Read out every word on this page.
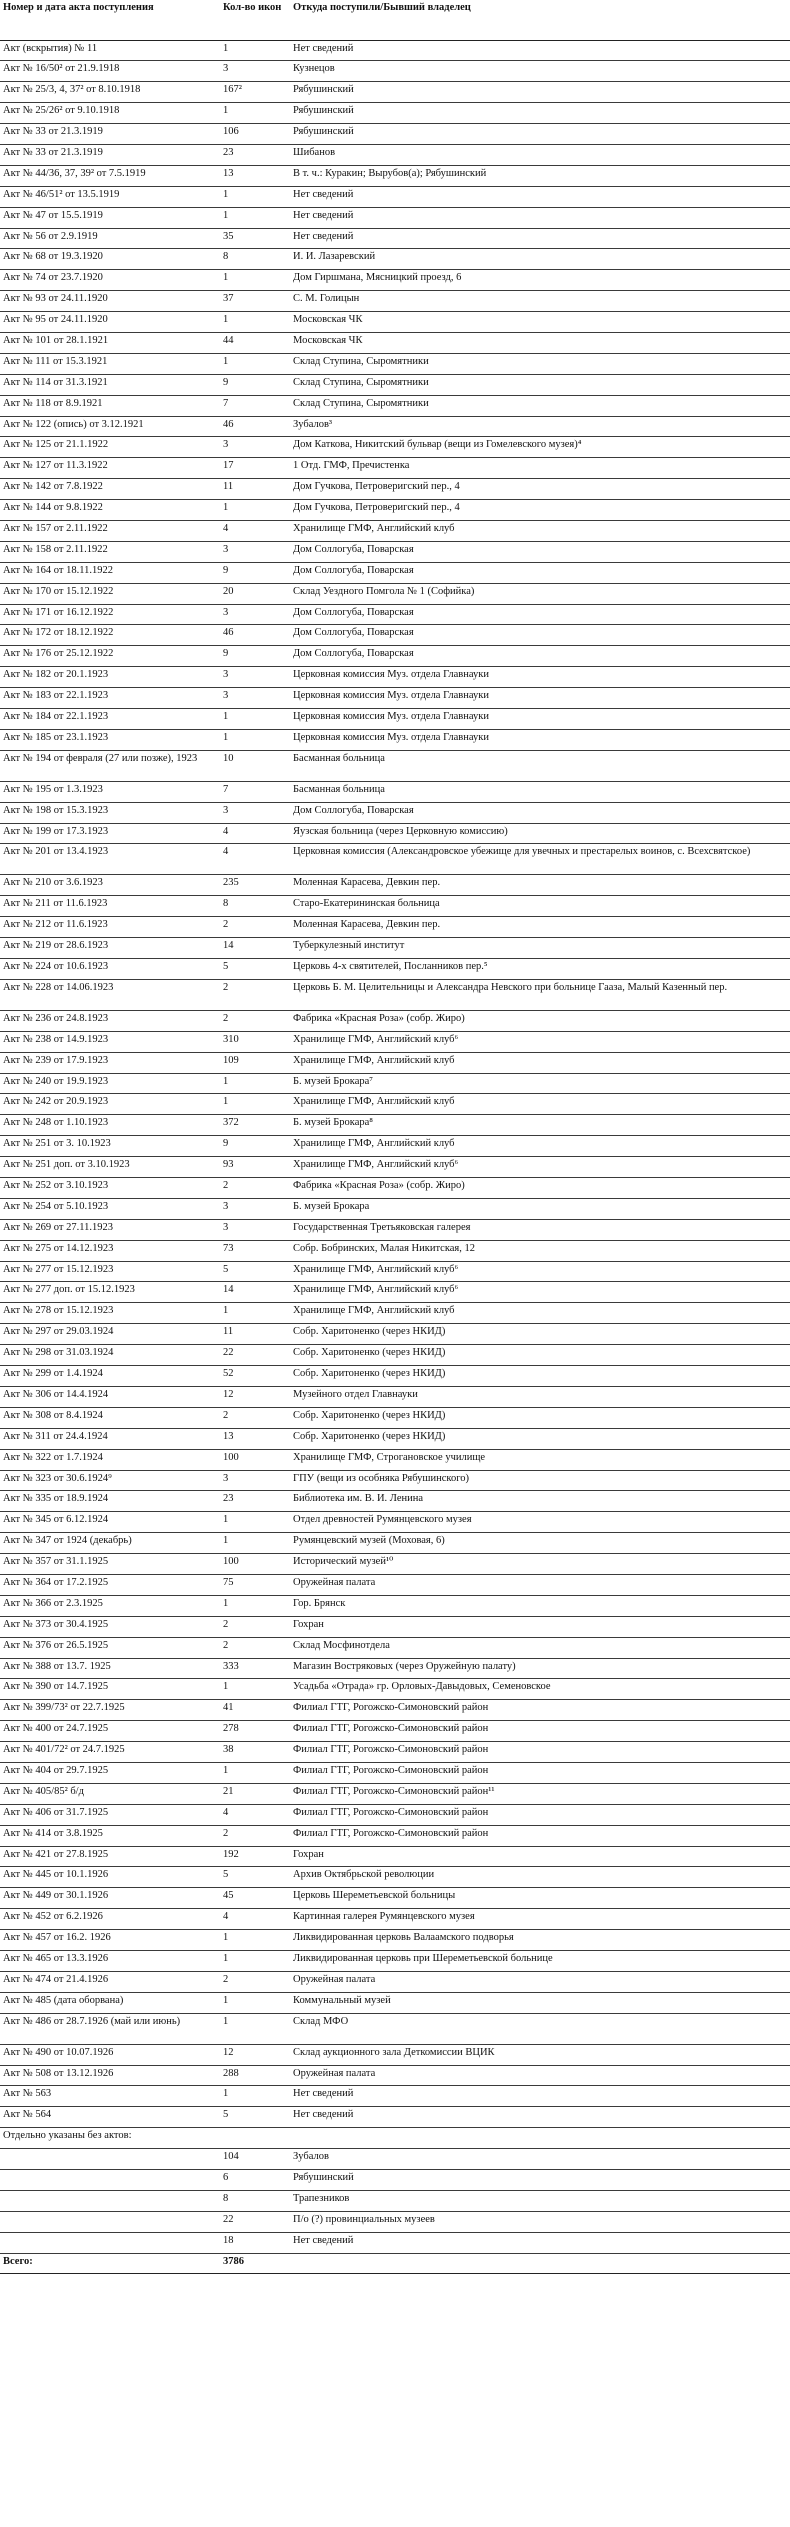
Номер и дата акта поступления	Кол-во икон	Откуда поступили/Бывший владелец
Акт (вскрытия) № 11	1	Нет сведений
Акт № 16/50² от 21.9.1918	3	Кузнецов
Акт № 25/3, 4, 37² от 8.10.1918	167²	Рябушинский
Акт № 25/26² от 9.10.1918	1	Рябушинский
Акт № 33 от 21.3.1919	106	Рябушинский
Акт № 33 от 21.3.1919	23	Шибанов
Акт № 44/36, 37, 39² от 7.5.1919	13	В т. ч.: Куракин; Вырубов(а); Рябушинский
Акт № 46/51² от 13.5.1919	1	Нет сведений
Акт № 47 от 15.5.1919	1	Нет сведений
Акт № 56 от 2.9.1919	35	Нет сведений
Акт № 68 от 19.3.1920	8	И. И. Лазаревский
Акт № 74 от 23.7.1920	1	Дом Гиршмана, Мясницкий проезд, 6
Акт № 93 от 24.11.1920	37	С. М. Голицын
Акт № 95 от 24.11.1920	1	Московская ЧК
Акт № 101 от 28.1.1921	44	Московская ЧК
Акт № 111 от 15.3.1921	1	Склад Ступина, Сыромятники
Акт № 114 от 31.3.1921	9	Склад Ступина, Сыромятники
Акт № 118 от 8.9.1921	7	Склад Ступина, Сыромятники
Акт № 122 (опись) от 3.12.1921	46	Зубалов³
Акт № 125 от 21.1.1922	3	Дом Каткова, Никитский бульвар (вещи из Гомелевского музея)⁴
Акт № 127 от 11.3.1922	17	1 Отд. ГМФ, Пречистенка
Акт № 142 от 7.8.1922	11	Дом Гучкова, Петроверигский пер., 4
Акт № 144 от 9.8.1922	1	Дом Гучкова, Петроверигский пер., 4
Акт № 157 от 2.11.1922	4	Хранилище ГМФ, Английский клуб
Акт № 158 от 2.11.1922	3	Дом Соллогуба, Поварская
Акт № 164 от 18.11.1922	9	Дом Соллогуба, Поварская
Акт № 170 от 15.12.1922	20	Склад Уездного Помгола № 1 (Софийка)
Акт № 171 от 16.12.1922	3	Дом Соллогуба, Поварская
Акт № 172 от 18.12.1922	46	Дом Соллогуба, Поварская
Акт № 176 от 25.12.1922	9	Дом Соллогуба, Поварская
Акт № 182 от 20.1.1923	3	Церковная комиссия Муз. отдела Главнауки
Акт № 183 от 22.1.1923	3	Церковная комиссия Муз. отдела Главнауки
Акт № 184 от 22.1.1923	1	Церковная комиссия Муз. отдела Главнауки
Акт № 185 от 23.1.1923	1	Церковная комиссия Муз. отдела Главнауки
Акт № 194 от февраля (27 или позже), 1923	10	Басманная больница
Акт № 195 от 1.3.1923	7	Басманная больница
Акт № 198 от 15.3.1923	3	Дом Соллогуба, Поварская
Акт № 199 от 17.3.1923	4	Яузская больница (через Церковную комиссию)
Акт № 201 от 13.4.1923	4	Церковная комиссия (Александровское убежище для увечных и престарелых воинов, с. Всехсвятское)
Акт № 210 от 3.6.1923	235	Моленная Карасева, Девкин пер.
Акт № 211 от 11.6.1923	8	Старо-Екатерининская больница
Акт № 212 от 11.6.1923	2	Моленная Карасева, Девкин пер.
Акт № 219 от 28.6.1923	14	Туберкулезный институт
Акт № 224 от 10.6.1923	5	Церковь 4-х святителей, Посланников пер.⁵
Акт № 228 от 14.06.1923	2	Церковь Б. М. Целительницы и Александра Невского при больнице Гааза, Малый Казенный пер.
Акт № 236 от 24.8.1923	2	Фабрика «Красная Роза» (собр. Жиро)
Акт № 238 от 14.9.1923	310	Хранилище ГМФ, Английский клуб⁶
Акт № 239 от 17.9.1923	109	Хранилище ГМФ, Английский клуб
Акт № 240 от 19.9.1923	1	Б. музей Брокара⁷
Акт № 242 от 20.9.1923	1	Хранилище ГМФ, Английский клуб
Акт № 248 от 1.10.1923	372	Б. музей Брокара⁸
Акт № 251 от 3. 10.1923	9	Хранилище ГМФ, Английский клуб
Акт № 251 доп. от 3.10.1923	93	Хранилище ГМФ, Английский клуб⁶
Акт № 252 от 3.10.1923	2	Фабрика «Красная Роза» (собр. Жиро)
Акт № 254 от 5.10.1923	3	Б. музей Брокара
Акт № 269 от 27.11.1923	3	Государственная Третьяковская галерея
Акт № 275 от 14.12.1923	73	Собр. Бобринских, Малая Никитская, 12
Акт № 277 от 15.12.1923	5	Хранилище ГМФ, Английский клуб⁶
Акт № 277 доп. от 15.12.1923	14	Хранилище ГМФ, Английский клуб⁶
Акт № 278 от 15.12.1923	1	Хранилище ГМФ, Английский клуб
Акт № 297 от 29.03.1924	11	Собр. Харитоненко (через НКИД)
Акт № 298 от 31.03.1924	22	Собр. Харитоненко (через НКИД)
Акт № 299 от 1.4.1924	52	Собр. Харитоненко (через НКИД)
Акт № 306 от 14.4.1924	12	Музейного отдел Главнауки
Акт № 308 от 8.4.1924	2	Собр. Харитоненко (через НКИД)
Акт № 311 от 24.4.1924	13	Собр. Харитоненко (через НКИД)
Акт № 322 от 1.7.1924	100	Хранилище ГМФ, Строгановское училище
Акт № 323 от 30.6.1924⁹	3	ГПУ (вещи из особняка Рябушинского)
Акт № 335 от 18.9.1924	23	Библиотека им. В. И. Ленина
Акт № 345 от 6.12.1924	1	Отдел древностей Румянцевского музея
Акт № 347 от 1924 (декабрь)	1	Румянцевский музей (Моховая, 6)
Акт № 357 от 31.1.1925	100	Исторический музей¹⁰
Акт № 364 от 17.2.1925	75	Оружейная палата
Акт № 366 от 2.3.1925	1	Гор. Брянск
Акт № 373 от 30.4.1925	2	Гохран
Акт № 376 от 26.5.1925	2	Склад Мосфинотдела
Акт № 388 от 13.7. 1925	333	Магазин Востряковых (через Оружейную палату)
Акт № 390 от 14.7.1925	1	Усадьба «Отрада» гр. Орловых-Давыдовых, Семеновское
Акт № 399/73² от 22.7.1925	41	Филиал ГТГ, Рогожско-Симоновский район
Акт № 400 от 24.7.1925	278	Филиал ГТГ, Рогожско-Симоновский район
Акт № 401/72² от 24.7.1925	38	Филиал ГТГ, Рогожско-Симоновский район
Акт № 404 от 29.7.1925	1	Филиал ГТГ, Рогожско-Симоновский район
Акт № 405/85² б/д	21	Филиал ГТГ, Рогожско-Симоновский район¹¹
Акт № 406 от 31.7.1925	4	Филиал ГТГ, Рогожско-Симоновский район
Акт № 414 от 3.8.1925	2	Филиал ГТГ, Рогожско-Симоновский район
Акт № 421 от 27.8.1925	192	Гохран
Акт № 445 от 10.1.1926	5	Архив Октябрьской революции
Акт № 449 от 30.1.1926	45	Церковь Шереметьевской больницы
Акт № 452 от 6.2.1926	4	Картинная галерея Румянцевского музея
Акт № 457 от 16.2. 1926	1	Ликвидированная церковь Валаамского подворья
Акт № 465 от 13.3.1926	1	Ликвидированная церковь при Шереметьевской больнице
Акт № 474 от 21.4.1926	2	Оружейная палата
Акт № 485 (дата оборвана)	1	Коммунальный музей
Акт № 486 от 28.7.1926 (май или июнь)	1	Склад МФО
Акт № 490 от 10.07.1926	12	Склад аукционного зала Деткомиссии ВЦИК
Акт № 508 от 13.12.1926	288	Оружейная палата
Акт № 563	1	Нет сведений
Акт № 564	5	Нет сведений
Отдельно указаны без актов:		
	104	Зубалов
	6	Рябушинский
	8	Трапезников
	22	П/о (?) провинциальных музеев
	18	Нет сведений
Всего:	3786	
